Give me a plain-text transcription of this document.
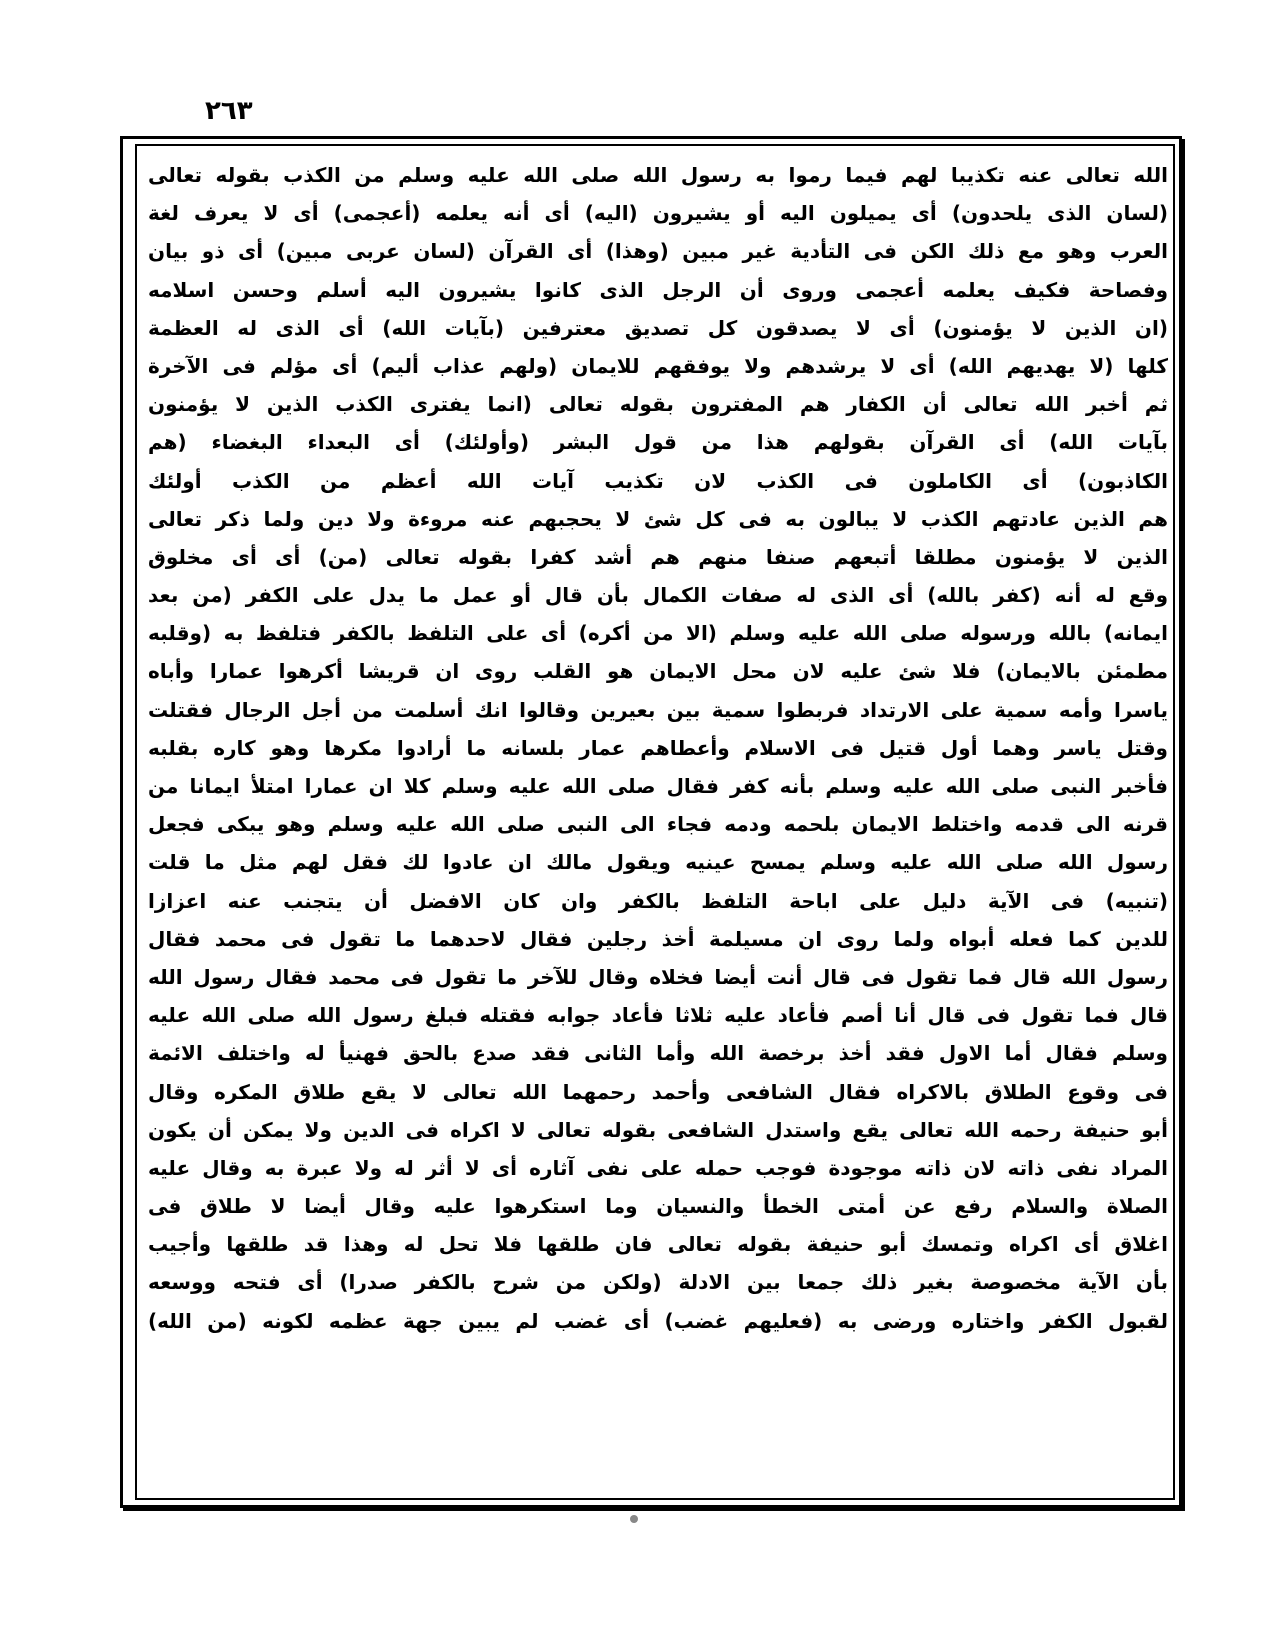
٢٦٣
الله تعالى عنه تكذيبا لهم فيما رموا به رسول الله صلى الله عليه وسلم من الكذب بقوله تعالى
(لسان الذى يلحدون) أى يميلون اليه أو يشيرون (اليه) أى أنه يعلمه (أعجمى) أى لا يعرف لغة
العرب وهو مع ذلك الكن فى التأدية غير مبين (وهذا) أى القرآن (لسان عربى مبين) أى ذو بيان
وفصاحة فكيف يعلمه أعجمى وروى أن الرجل الذى كانوا يشيرون اليه أسلم وحسن اسلامه
(ان الذين لا يؤمنون) أى لا يصدقون كل تصديق معترفين (بآيات الله) أى الذى له العظمة
كلها (لا يهديهم الله) أى لا يرشدهم ولا يوفقهم للايمان (ولهم عذاب أليم) أى مؤلم فى الآخرة
ثم أخبر الله تعالى أن الكفار هم المفترون بقوله تعالى (انما يفترى الكذب الذين لا يؤمنون
بآيات الله) أى القرآن بقولهم هذا من قول البشر (وأولئك) أى البعداء البغضاء (هم
الكاذبون) أى الكاملون فى الكذب لان تكذيب آيات الله أعظم من الكذب أولئك
هم الذين عادتهم الكذب لا يبالون به فى كل شئ لا يحجبهم عنه مروءة ولا دين ولما ذكر تعالى
الذين لا يؤمنون مطلقا أتبعهم صنفا منهم هم أشد كفرا بقوله تعالى (من) أى أى مخلوق
وقع له أنه (كفر بالله) أى الذى له صفات الكمال بأن قال أو عمل ما يدل على الكفر (من بعد
ايمانه) بالله ورسوله صلى الله عليه وسلم (الا من أكره) أى على التلفظ بالكفر فتلفظ به (وقلبه
مطمئن بالايمان) فلا شئ عليه لان محل الايمان هو القلب روى ان قريشا أكرهوا عمارا وأباه
ياسرا وأمه سمية على الارتداد فربطوا سمية بين بعيرين وقالوا انك أسلمت من أجل الرجال فقتلت
وقتل ياسر وهما أول قتيل فى الاسلام وأعطاهم عمار بلسانه ما أرادوا مكرها وهو كاره بقلبه
فأخبر النبى صلى الله عليه وسلم بأنه كفر فقال صلى الله عليه وسلم كلا ان عمارا امتلأ ايمانا من
قرنه الى قدمه واختلط الايمان بلحمه ودمه فجاء الى النبى صلى الله عليه وسلم وهو يبكى فجعل
رسول الله صلى الله عليه وسلم يمسح عينيه ويقول مالك ان عادوا لك فقل لهم مثل ما قلت
(تنبيه) فى الآية دليل على اباحة التلفظ بالكفر وان كان الافضل أن يتجنب عنه اعزازا
للدين كما فعله أبواه ولما روى ان مسيلمة أخذ رجلين فقال لاحدهما ما تقول فى محمد فقال
رسول الله قال فما تقول فى قال أنت أيضا فخلاه وقال للآخر ما تقول فى محمد فقال رسول الله
قال فما تقول فى قال أنا أصم فأعاد عليه ثلاثا فأعاد جوابه فقتله فبلغ رسول الله صلى الله عليه
وسلم فقال أما الاول فقد أخذ برخصة الله وأما الثانى فقد صدع بالحق فهنيأ له واختلف الائمة
فى وقوع الطلاق بالاكراه فقال الشافعى وأحمد رحمهما الله تعالى لا يقع طلاق المكره وقال
أبو حنيفة رحمه الله تعالى يقع واستدل الشافعى بقوله تعالى لا اكراه فى الدين ولا يمكن أن يكون
المراد نفى ذاته لان ذاته موجودة فوجب حمله على نفى آثاره أى لا أثر له ولا عبرة به وقال عليه
الصلاة والسلام رفع عن أمتى الخطأ والنسيان وما استكرهوا عليه وقال أيضا لا طلاق فى
اغلاق أى اكراه وتمسك أبو حنيفة بقوله تعالى فان طلقها فلا تحل له وهذا قد طلقها وأجيب
بأن الآية مخصوصة بغير ذلك جمعا بين الادلة (ولكن من شرح بالكفر صدرا) أى فتحه ووسعه
لقبول الكفر واختاره ورضى به (فعليهم غضب) أى غضب لم يبين جهة عظمه لكونه (من الله)
